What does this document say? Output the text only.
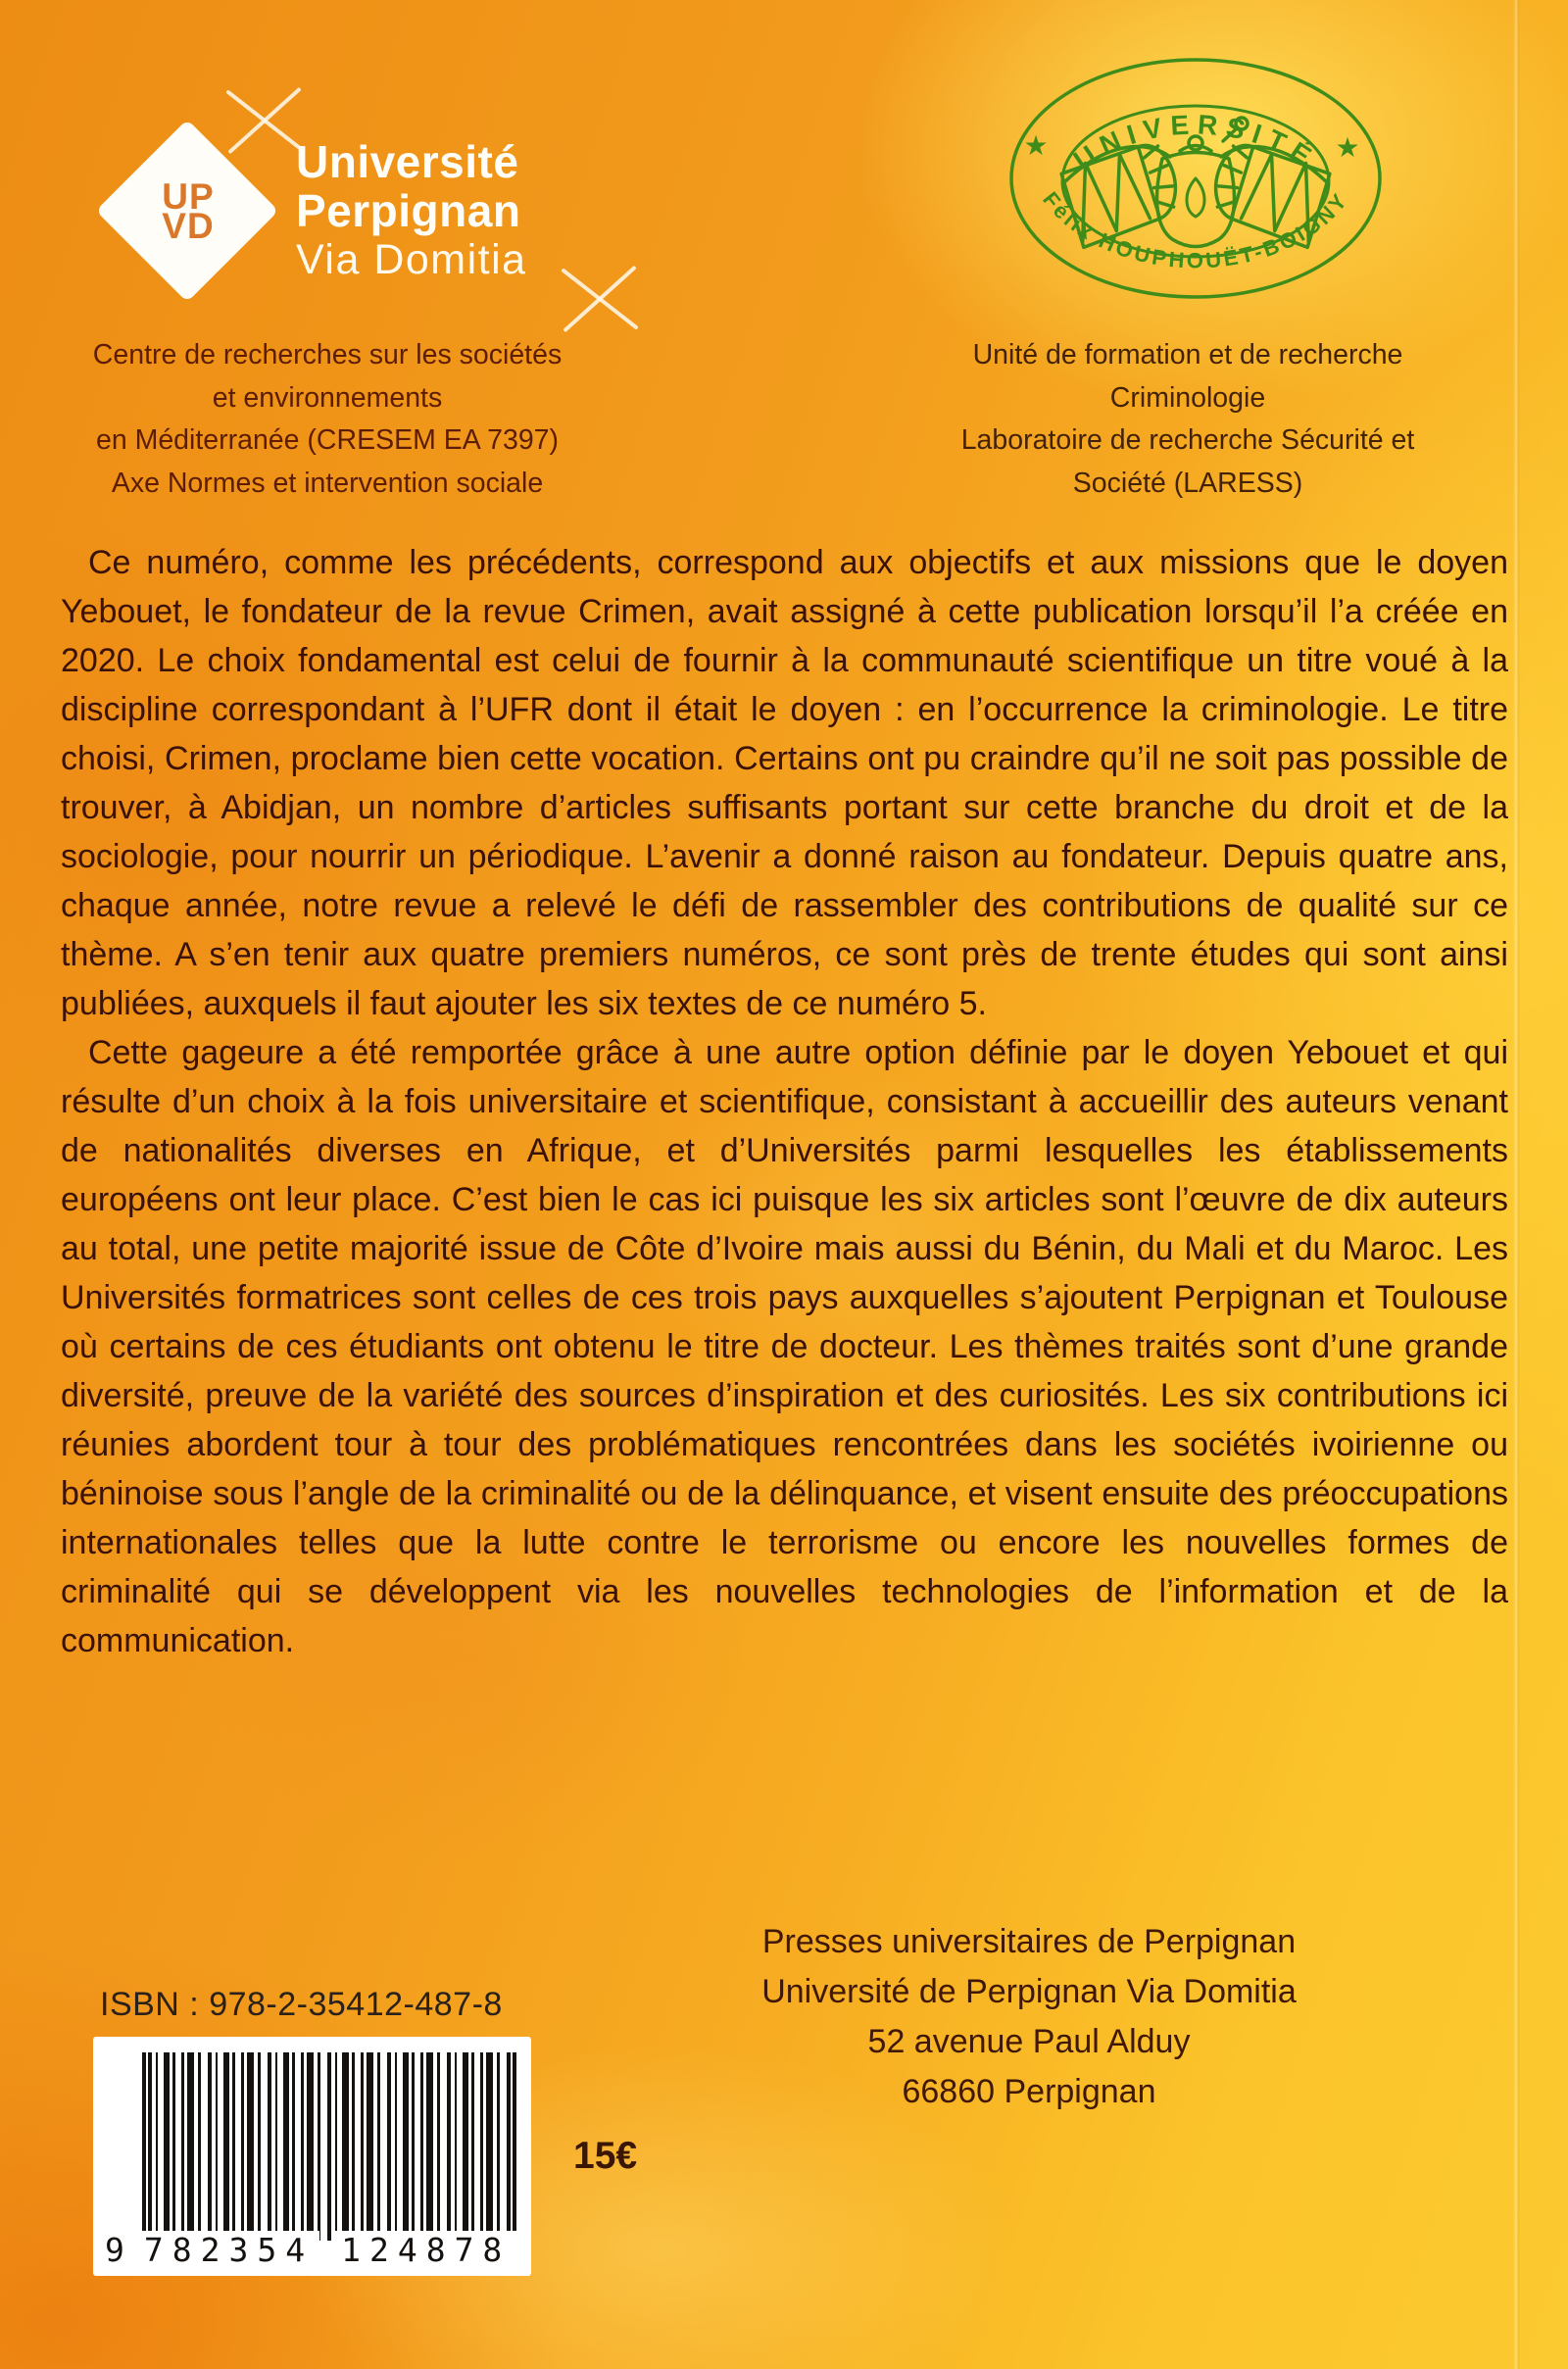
UP
VD
Université
Perpignan
Via Domitia
★	★
UNIVERSITÉ
Félix HOUPHOUËT-BOIGNY
Centre de recherches sur les sociétés
et environnements
en Méditerranée (CRESEM EA 7397)
Axe Normes et intervention sociale
Unité de formation et de recherche
Criminologie
Laboratoire de recherche Sécurité et
Société (LARESS)

Ce numéro, comme les précédents, correspond aux objectifs et aux missions que le doyen Yebouet, le fondateur de la revue Crimen, avait assigné à cette publication lorsqu’il l’a créée en 2020. Le choix fondamental est celui de fournir à la communauté scientifique un titre voué à la discipline correspondant à l’UFR dont il était le doyen : en l’occurrence la criminologie. Le titre choisi, Crimen, proclame bien cette vocation. Certains ont pu craindre qu’il ne soit pas possible de trouver, à Abidjan, un nombre d’articles suffisants portant sur cette branche du droit et de la sociologie, pour nourrir un périodique. L’avenir a donné raison au fondateur. Depuis quatre ans, chaque année, notre revue a relevé le défi de rassembler des contributions de qualité sur ce thème. A s’en tenir aux quatre premiers numéros, ce sont près de trente études qui sont ainsi publiées, auxquels il faut ajouter les six textes de ce numéro 5.

Cette gageure a été remportée grâce à une autre option définie par le doyen Yebouet et qui résulte d’un choix à la fois universitaire et scientifique, consistant à accueillir des auteurs venant de nationalités diverses en Afrique, et d’Universités parmi lesquelles les établissements européens ont leur place. C’est bien le cas ici puisque les six articles sont l’œuvre de dix auteurs au total, une petite majorité issue de Côte d’Ivoire mais aussi du Bénin, du Mali et du Maroc. Les Universités formatrices sont celles de ces trois pays auxquelles s’ajoutent Perpignan et Toulouse où certains de ces étudiants ont obtenu le titre de docteur. Les thèmes traités sont d’une grande diversité, preuve de la variété des sources d’inspiration et des curiosités. Les six contributions ici réunies abordent tour à tour des problématiques rencontrées dans les sociétés ivoirienne ou béninoise sous l’angle de la criminalité ou de la délinquance, et visent ensuite des préoccupations internationales telles que la lutte contre le terrorisme ou encore les nouvelles formes de criminalité qui se développent via les nouvelles technologies de l’information et de la communication.

Presses universitaires de Perpignan
Université de Perpignan Via Domitia
52 avenue Paul Alduy
66860 Perpignan
ISBN : 978-2-35412-487-8
9 782354 124878
15€
